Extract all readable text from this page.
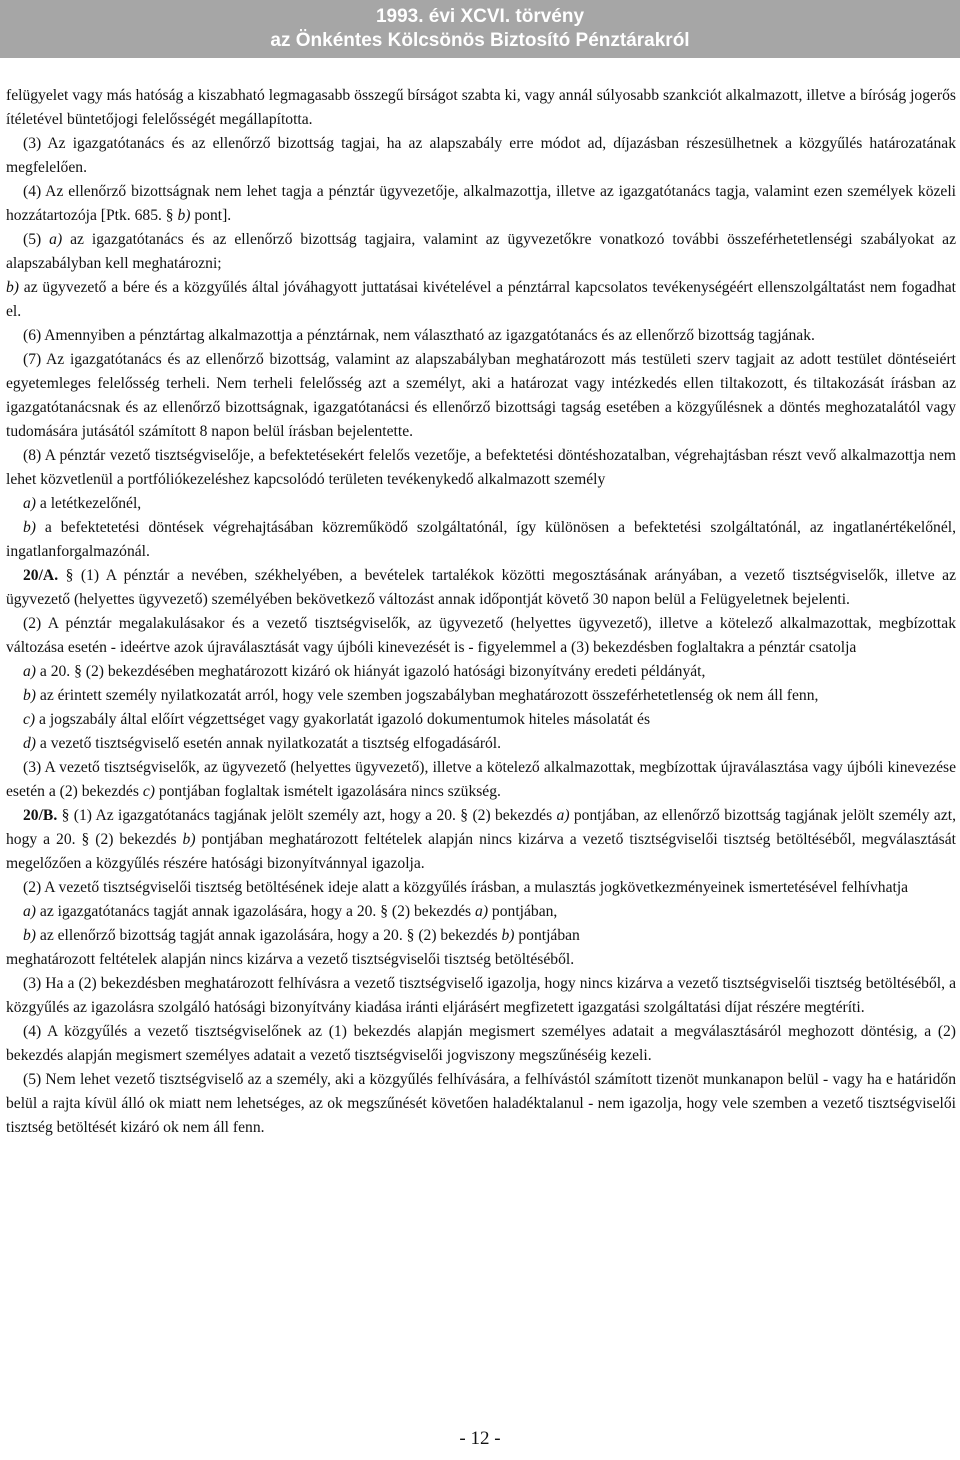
1993. évi XCVI. törvény
az Önkéntes Kölcsönös Biztosító Pénztárakról

felügyelet vagy más hatóság a kiszabható legmagasabb összegű bírságot szabta ki, vagy annál súlyosabb szankciót alkalmazott, illetve a bíróság jogerős ítéletével büntetőjogi felelősségét megállapította.

(3) Az igazgatótanács és az ellenőrző bizottság tagjai, ha az alapszabály erre módot ad, díjazásban részesülhetnek a közgyűlés határozatának megfelelően.

(4) Az ellenőrző bizottságnak nem lehet tagja a pénztár ügyvezetője, alkalmazottja, illetve az igazgatótanács tagja, valamint ezen személyek közeli hozzátartozója [Ptk. 685. § b) pont].

(5) a) az igazgatótanács és az ellenőrző bizottság tagjaira, valamint az ügyvezetőkre vonatkozó további összeférhetetlenségi szabályokat az alapszabályban kell meghatározni;

b) az ügyvezető a bére és a közgyűlés által jóváhagyott juttatásai kivételével a pénztárral kapcsolatos tevékenységéért ellenszolgáltatást nem fogadhat el.

(6) Amennyiben a pénztártag alkalmazottja a pénztárnak, nem választható az igazgatótanács és az ellenőrző bizottság tagjának.

(7) Az igazgatótanács és az ellenőrző bizottság, valamint az alapszabályban meghatározott más testületi szerv tagjait az adott testület döntéseiért egyetemleges felelősség terheli. Nem terheli felelősség azt a személyt, aki a határozat vagy intézkedés ellen tiltakozott, és tiltakozását írásban az igazgatótanácsnak és az ellenőrző bizottságnak, igazgatótanácsi és ellenőrző bizottsági tagság esetében a közgyűlésnek a döntés meghozatalától vagy tudomására jutásától számított 8 napon belül írásban bejelentette.

(8) A pénztár vezető tisztségviselője, a befektetésekért felelős vezetője, a befektetési döntéshozatalban, végrehajtásban részt vevő alkalmazottja nem lehet közvetlenül a portfóliókezeléshez kapcsolódó területen tevékenykedő alkalmazott személy

a) a letétkezelőnél,

b) a befektetetési döntések végrehajtásában közreműködő szolgáltatónál, így különösen a befektetési szolgáltatónál, az ingatlanértékelőnél, ingatlanforgalmazónál.

20/A. § (1) A pénztár a nevében, székhelyében, a bevételek tartalékok közötti megosztásának arányában, a vezető tisztségviselők, illetve az ügyvezető (helyettes ügyvezető) személyében bekövetkező változást annak időpontját követő 30 napon belül a Felügyeletnek bejelenti.

(2) A pénztár megalakulásakor és a vezető tisztségviselők, az ügyvezető (helyettes ügyvezető), illetve a kötelező alkalmazottak, megbízottak változása esetén - ideértve azok újraválasztását vagy újbóli kinevezését is - figyelemmel a (3) bekezdésben foglaltakra a pénztár csatolja

a) a 20. § (2) bekezdésében meghatározott kizáró ok hiányát igazoló hatósági bizonyítvány eredeti példányát,

b) az érintett személy nyilatkozatát arról, hogy vele szemben jogszabályban meghatározott összeférhetetlenség ok nem áll fenn,

c) a jogszabály által előírt végzettséget vagy gyakorlatát igazoló dokumentumok hiteles másolatát és

d) a vezető tisztségviselő esetén annak nyilatkozatát a tisztség elfogadásáról.

(3) A vezető tisztségviselők, az ügyvezető (helyettes ügyvezető), illetve a kötelező alkalmazottak, megbízottak újraválasztása vagy újbóli kinevezése esetén a (2) bekezdés c) pontjában foglaltak ismételt igazolására nincs szükség.

20/B. § (1) Az igazgatótanács tagjának jelölt személy azt, hogy a 20. § (2) bekezdés a) pontjában, az ellenőrző bizottság tagjának jelölt személy azt, hogy a 20. § (2) bekezdés b) pontjában meghatározott feltételek alapján nincs kizárva a vezető tisztségviselői tisztség betöltéséből, megválasztását megelőzően a közgyűlés részére hatósági bizonyítvánnyal igazolja.

(2) A vezető tisztségviselői tisztség betöltésének ideje alatt a közgyűlés írásban, a mulasztás jogkövetkezményeinek ismertetésével felhívhatja

a) az igazgatótanács tagját annak igazolására, hogy a 20. § (2) bekezdés a) pontjában,

b) az ellenőrző bizottság tagját annak igazolására, hogy a 20. § (2) bekezdés b) pontjában

meghatározott feltételek alapján nincs kizárva a vezető tisztségviselői tisztség betöltéséből.

(3) Ha a (2) bekezdésben meghatározott felhívásra a vezető tisztségviselő igazolja, hogy nincs kizárva a vezető tisztségviselői tisztség betöltéséből, a közgyűlés az igazolásra szolgáló hatósági bizonyítvány kiadása iránti eljárásért megfizetett igazgatási szolgáltatási díjat részére megtéríti.

(4) A közgyűlés a vezető tisztségviselőnek az (1) bekezdés alapján megismert személyes adatait a megválasztásáról meghozott döntésig, a (2) bekezdés alapján megismert személyes adatait a vezető tisztségviselői jogviszony megszűnéséig kezeli.

(5) Nem lehet vezető tisztségviselő az a személy, aki a közgyűlés felhívására, a felhívástól számított tizenöt munkanapon belül - vagy ha e határidőn belül a rajta kívül álló ok miatt nem lehetséges, az ok megszűnését követően haladéktalanul - nem igazolja, hogy vele szemben a vezető tisztségviselői tisztség betöltését kizáró ok nem áll fenn.

- 12 -
